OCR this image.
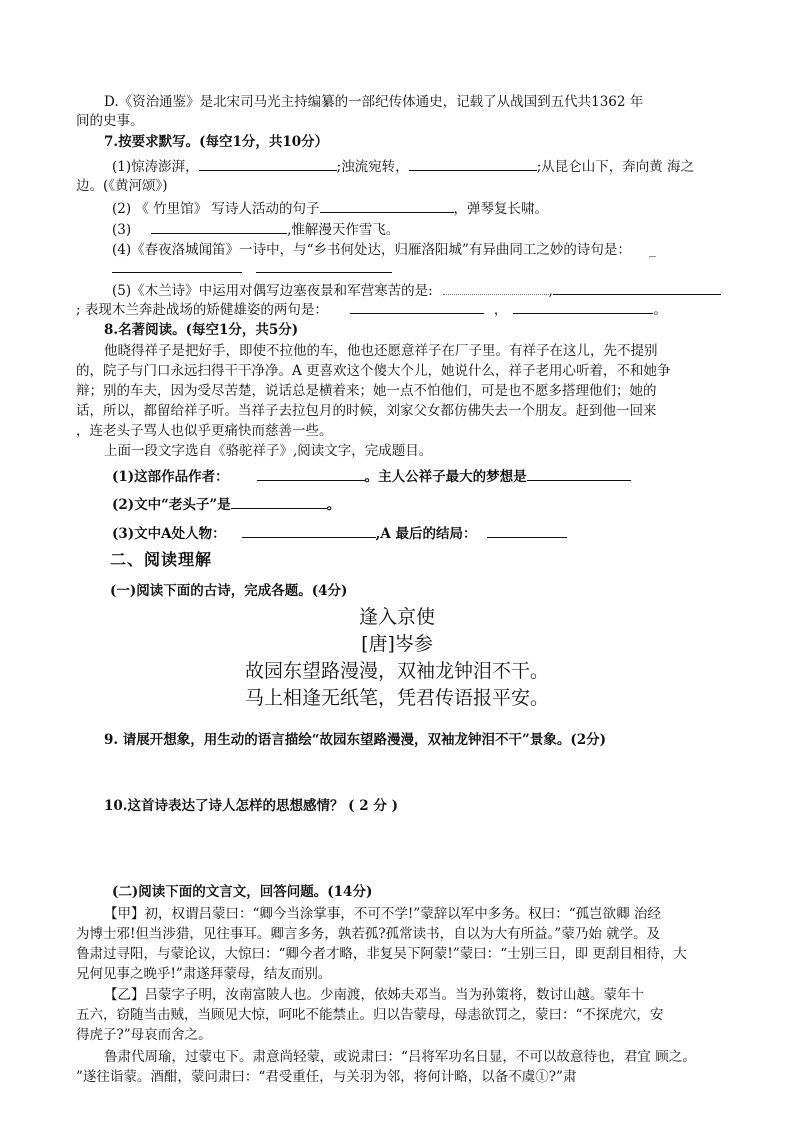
D.《资治通鉴》是北宋司马光主持编纂的一部纪传体通史，记载了从战国到五代共1362 年
间的史事。
7.按要求默写。(每空1分，共10分）
(1)惊涛澎湃，	;浊流宛转，	;从昆仑山下，奔向黄 海之
边。(《黄河颂》)
(2) 《 竹里馆》 写诗人活动的句子	，弹琴复长啸。
(3)	,惟解漫天作雪飞。
(4)《春夜洛城闻笛》一诗中，与“乡书何处达，归雁洛阳城”有异曲同工之妙的诗句是： _
(5)《木兰诗》中运用对偶写边塞夜景和军营寒苦的是:	,
; 表现木兰奔赴战场的矫健雄姿的两句是：	，	。
8.名著阅读。(每空1分，共5分)
他晓得祥子是把好手，即使不拉他的车，他也还愿意祥子在厂子里。有祥子在这儿，先不提别
的，院子与门口永远扫得干干净净。A 更喜欢这个傻大个儿，她说什么，祥子老用心听着，不和她争
辩；别的车夫，因为受尽苦楚，说话总是横着来；她一点不怕他们，可是也不愿多搭理他们；她的
话，所以，都留给祥子听。当祥子去拉包月的时候，刘家父女都仿佛失去一个朋友。赶到他一回来
，连老头子骂人也似乎更痛快而慈善一些。
上面一段文字选自《骆驼祥子》,阅读文字，完成题目。
(1)这部作品作者：	。主人公祥子最大的梦想是
(2)文中“老头子”是	。
(3)文中A处人物：	,A 最后的结局：
二、阅读理解
(一)阅读下面的古诗，完成各题。(4分)
逢入京使
[唐]岑参
故园东望路漫漫，双袖龙钟泪不干。
马上相逢无纸笔，凭君传语报平安。
9. 请展开想象，用生动的语言描绘“故园东望路漫漫，双袖龙钟泪不干”景象。(2分)
10.这首诗表达了诗人怎样的思想感情？ ( 2 分 )
(二)阅读下面的文言文，回答问题。(14分)
【甲】初，权谓吕蒙曰：“卿今当涂掌事，不可不学!”蒙辞以军中多务。权曰：“孤岂欲卿 治经
为博士邪!但当涉猎，见往事耳。卿言多务，孰若孤?孤常读书，自以为大有所益。”蒙乃始 就学。及
鲁肃过寻阳，与蒙论议，大惊曰：“卿今者才略，非复吴下阿蒙!”蒙曰：“士别三日，即 更刮目相待，大
兄何见事之晚乎!”肃遂拜蒙母，结友而别。
【乙】吕蒙字子明，汝南富陂人也。少南渡，依姊夫邓当。当为孙策将，数讨山越。蒙年十
五六，窃随当击贼，当顾见大惊，呵叱不能禁止。归以告蒙母，母恚欲罚之，蒙曰：“不探虎穴，安
得虎子?”母哀而舍之。
鲁肃代周瑜，过蒙屯下。肃意尚轻蒙，或说肃曰：“吕将军功名日显，不可以故意待也，君宜 顾之。
”遂往诣蒙。酒酣，蒙问肃曰：“君受重任，与关羽为邻，将何计略，以备不虞①?”肃
